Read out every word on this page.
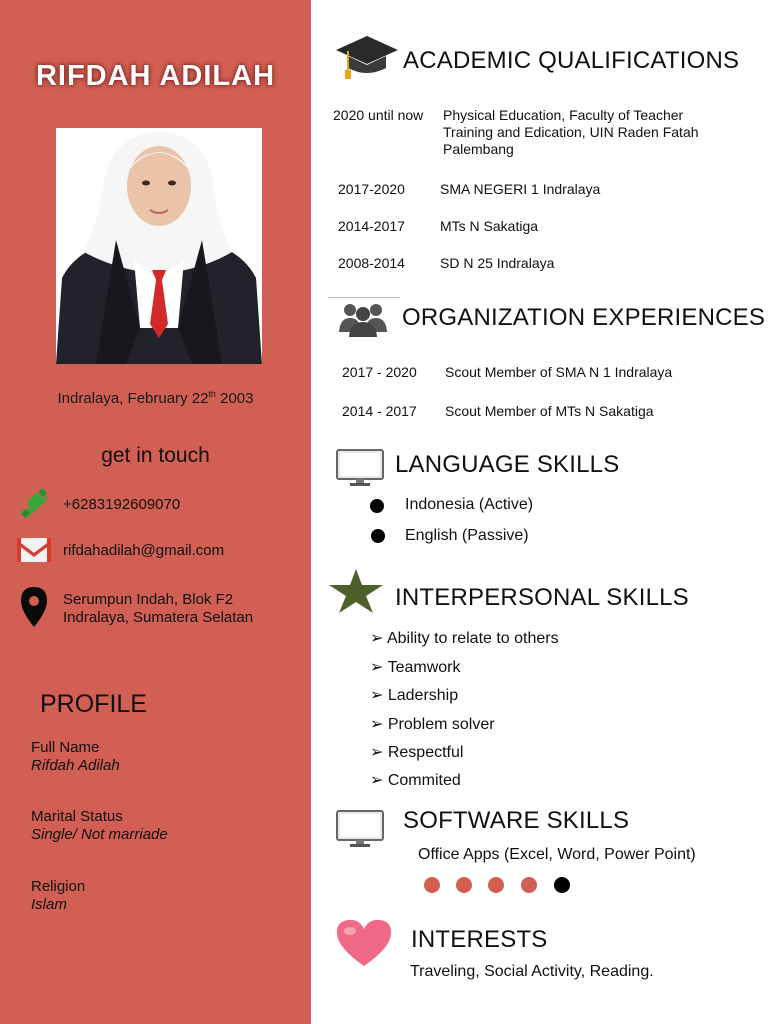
RIFDAH ADILAH
Indralaya, February 22th 2003
get in touch
+6283192609070
rifdahadilah@gmail.com
Serumpun Indah, Blok F2
Indralaya, Sumatera Selatan
PROFILE
Full Name
Rifdah Adilah
Marital Status
Single/ Not marriade
Religion
Islam
ACADEMIC QUALIFICATIONS
2020 until now Physical Education, Faculty of Teacher Training and Edication, UIN Raden Fatah Palembang
2017-2020	SMA NEGERI 1 Indralaya
2014-2017	MTs N Sakatiga
2008-2014	SD N 25 Indralaya
ORGANIZATION EXPERIENCES
2017 - 2020 Scout Member of SMA N 1 Indralaya
2014 - 2017 Scout Member of MTs N Sakatiga
LANGUAGE SKILLS
Indonesia (Active)
English (Passive)
INTERPERSONAL SKILLS
➢ Ability to relate to others
➢ Teamwork
➢ Ladership
➢ Problem solver
➢ Respectful
➢ Commited
SOFTWARE SKILLS
Office Apps (Excel, Word, Power Point)
INTERESTS
Traveling, Social Activity, Reading.
